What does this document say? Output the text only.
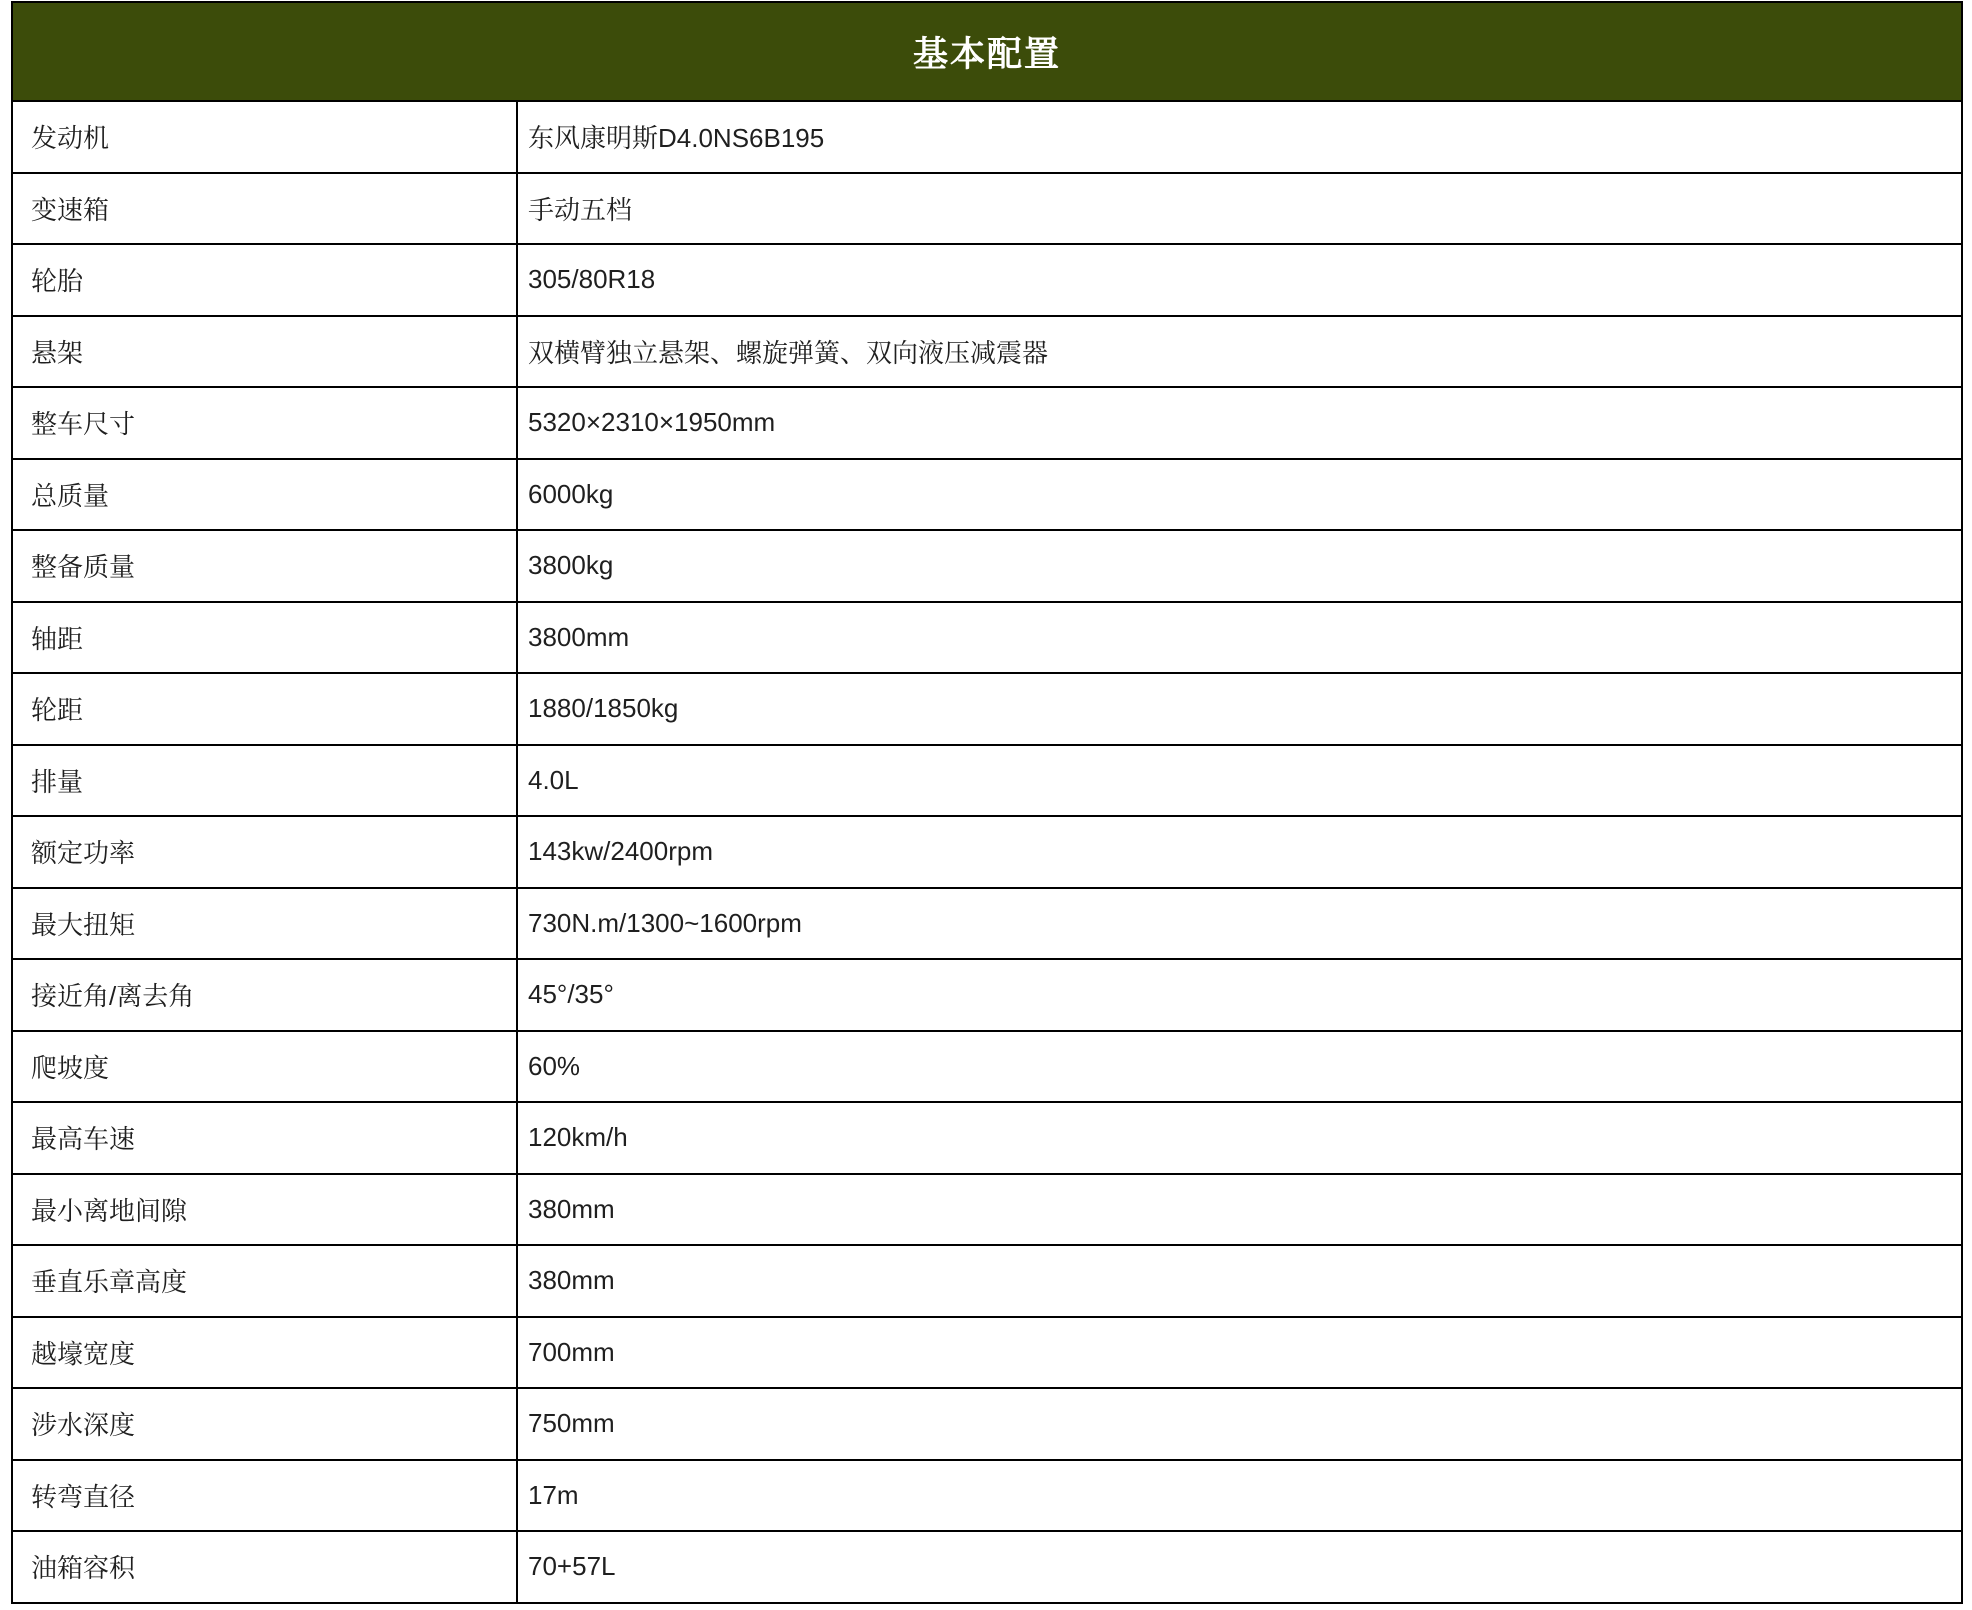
基本配置	
发动机	东风康明斯D4.0NS6B195
变速箱	手动五档
轮胎	305/80R18
悬架	双横臂独立悬架、螺旋弹簧、双向液压减震器
整车尺寸	5320×2310×1950mm
总质量	6000kg
整备质量	3800kg
轴距	3800mm
轮距	1880/1850kg
排量	4.0L
额定功率	143kw/2400rpm
最大扭矩	730N.m/1300~1600rpm
接近角/离去角	45°/35°
爬坡度	60%
最高车速	120km/h
最小离地间隙	380mm
垂直乐章高度	380mm
越壕宽度	700mm
涉水深度	750mm
转弯直径	17m
油箱容积	70+57L
